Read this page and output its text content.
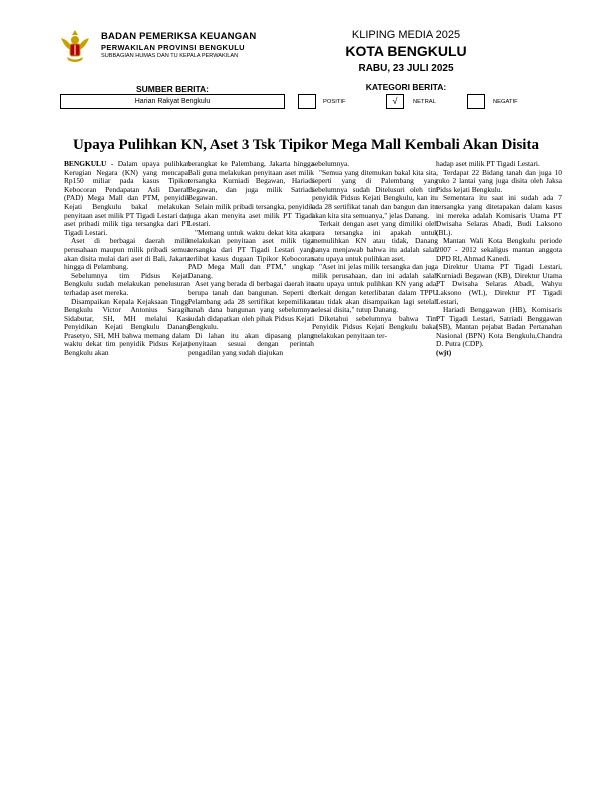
BADAN PEMERIKSA KEUANGAN
PERWAKILAN PROVINSI BENGKULU
SUBBAGIAN HUMAS DAN TU KEPALA PERWAKILAN
KLIPING MEDIA 2025
KOTA BENGKULU
RABU, 23 JULI 2025
SUMBER BERITA:	KATEGORI BERITA:
Harian Rakyat Bengkulu	POSITIF	√	NETRAL	NEGATIF
Upaya Pulihkan KN, Aset 3 Tsk Tipikor Mega Mall Kembali Akan Disita

BENGKULU - Dalam upaya pulihkan Kerugian Negara (KN) yang mencapai Rp150 miliar pada kasus Tipikor Kebocoran Pendapatan Asli Daerah (PAD) Mega Mall dan PTM, penyidik Kejati Bengkulu bakal melakukan penyitaan aset milik PT Tigadi Lestari dan aset pribadi milik tiga tersangka dari PT Tigadi Lestari.

Aset di berbagai daerah milik perusahaan maupun milik pribadi semua akan disita mulai dari aset di Bali, Jakarta hingga di Pelambang.

Sebelumnya tim Pidsus Kejati Bengkulu sudah melakukan penelusuran terhadap aset mereka.

Disampaikan Kepala Kejaksaan Tinggi Bengkulu Victor Antonius Saragih Sidabutar, SH, MH melalui Kasi Penyidikan Kejati Bengkulu Danang Prasetyo, SH, MH bahwa memang dalam waktu dekat tim penyidik Pidsus Kejati Bengkulu akan

berangkat ke Palembang, Jakarta hingga Bali guna melakukan penyitaan aset milik tersangka Kurniadi Begawan, Hariadi Begawan, dan juga milik Satriadi Begawan.

Selain milik pribadi tersangka, penyidik juga akan menyita aset milik PT Tigadi Lestari.

"Memang untuk waktu dekat kita akan melakukan penyitaan aset milik tiga tersangka dari PT Tigadi Lestari yang terlibat kasus dugaan Tipikor Kebocoran PAD Mega Mall dan PTM," ungkap Danang.

Aset yang berada di berbagai daerah itu berupa tanah dan bangunan. Seperti di Pelambang ada 28 sertifikat kepemilikan tanah dana bangunan yang sebelumnya sudah didapatkan oleh pihak Pidsus Kejati Bengkulu.

Di lahan itu akan dipasang plang penyitaan sesuai dengan perintah pengadilan yang sudah diajukan

sebelumnya.

"Semua yang ditemukan bakal kita sita, seperti yang di Palembang yang sebelumnya sudah Ditelusuri oleh tim penyidik Pidsus Kejati Bengkulu, kan itu ada 28 sertifikat tanah dan bangun dan itu akan kita sita semuanya," jelas Danang.

Terkait dengan aset yang dimiliki oleh para tersangka ini apakah untuk memulihkan KN atau tidak, Danang hanya menjawab bahwa itu adalah salah satu upaya untuk pulihkan aset.

"Aset ini jelas milik tersangka dan juga milik perusahaan, dan ini adalah salah satu upaya untuk pulihkan KN yang ada, terkait dengan keterlibatan dalam TPPU atau tidak akan disampaikan lagi setelah selesai disita," tutup Danang.

Diketahui sebelumnya bahwa Tim Penyidik Pidsus Kejati Bengkulu bakal melakukan penyitaan ter-

hadap aset milik PT Tigadi Lestari.

Terdapat 22 Bidang tanah dan juga 10 ruko 2 lantai yang juga disita oleh Jaksa Pidss kejati Bengkulu.

Sementara itu saat ini sudah ada 7 tersangka yang ditetapakan dalam kasus ini mereka adalah Komisaris Utama PT Dwisaha Selaras Abadi, Budi Laksono (BL).

Mantan Wali Kota Bengkulu periode 2007 - 2012 sekaligus mantan anggota DPD RI, Ahmad Kanedi.

Direktur Utama PT Tigadi Lestari, Kurniadi Begawan (KB), Direktur Utama PT Dwisaha Selaras Abadi, Wahyu Laksono (WL), Direktur PT Tigadi Lestari,

Hariadi Benggawan (HB), Komisaris PT Tigadi Lestari, Satriadi Benggawan (SB), Mantan pejabat Badan Pertanahan Nasional (BPN) Kota Bengkulu,Chandra D. Putra (CDP).

(wjt)
